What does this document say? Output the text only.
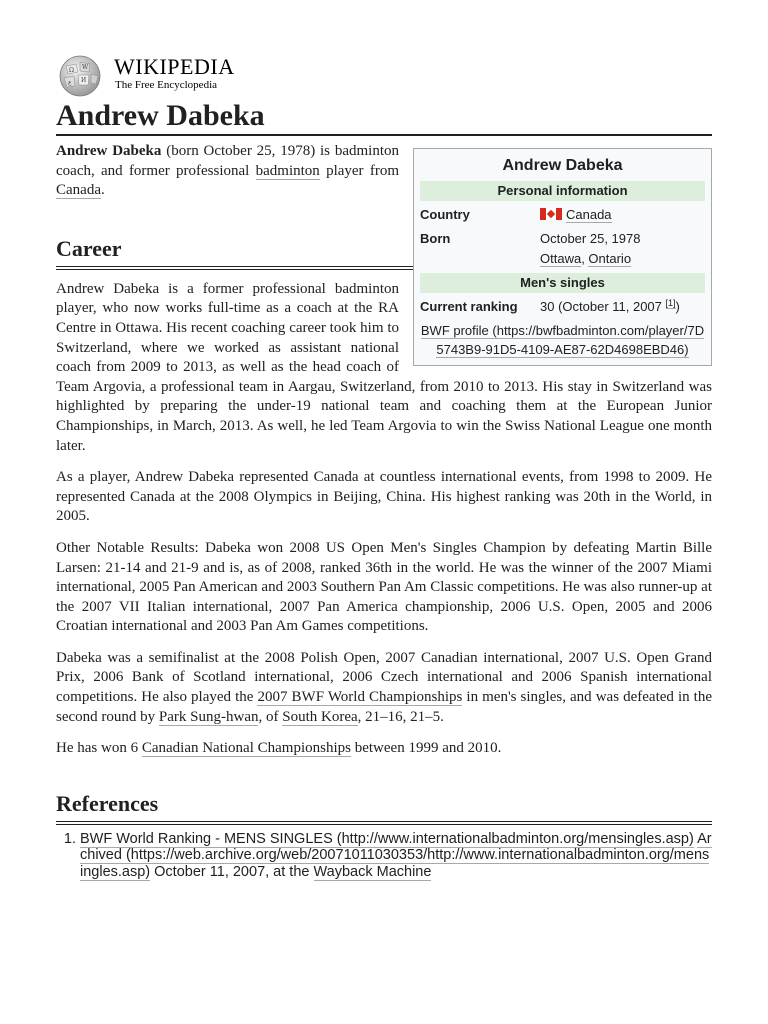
Ω W
И
ع
WIKIPEDIA
The Free Encyclopedia
Andrew Dabeka
Andrew Dabeka
Personal information
Country	Canada
Born	October 25, 1978
Ottawa, Ontario
Men's singles
Current ranking	30 (October 11, 2007 [1])
BWF profile (https://bwfbadminton.com/player/7D5743B9-91D5-4109-AE87-62D4698EBD46)

Andrew Dabeka (born October 25, 1978) is badminton coach, and former professional badminton player from Canada.

Career

Andrew Dabeka is a former professional badminton player, who now works full-time as a coach at the RA Centre in Ottawa. His recent coaching career took him to Switzerland, where we worked as assistant national coach from 2009 to 2013, as well as the head coach of Team Argovia, a professional team in Aargau, Switzerland, from 2010 to 2013. His stay in Switzerland was highlighted by preparing the under-19 national team and coaching them at the European Junior Championships, in March, 2013. As well, he led Team Argovia to win the Swiss National League one month later.

As a player, Andrew Dabeka represented Canada at countless international events, from 1998 to 2009. He represented Canada at the 2008 Olympics in Beijing, China. His highest ranking was 20th in the World, in 2005.

Other Notable Results: Dabeka won 2008 US Open Men's Singles Champion by defeating Martin Bille Larsen: 21-14 and 21-9 and is, as of 2008, ranked 36th in the world. He was the winner of the 2007 Miami international, 2005 Pan American and 2003 Southern Pan Am Classic competitions. He was also runner-up at the 2007 VII Italian international, 2007 Pan America championship, 2006 U.S. Open, 2005 and 2006 Croatian international and 2003 Pan Am Games competitions.

Dabeka was a semifinalist at the 2008 Polish Open, 2007 Canadian international, 2007 U.S. Open Grand Prix, 2006 Bank of Scotland international, 2006 Czech international and 2006 Spanish international competitions. He also played the 2007 BWF World Championships in men's singles, and was defeated in the second round by Park Sung-hwan, of South Korea, 21–16, 21–5.

He has won 6 Canadian National Championships between 1999 and 2010.

References
1. BWF World Ranking - MENS SINGLES (http://www.internationalbadminton.org/mensingles.asp) Archived (https://web.archive.org/web/20071011030353/http://www.internationalbadminton.org/mensingles.asp) October 11, 2007, at the Wayback Machine
